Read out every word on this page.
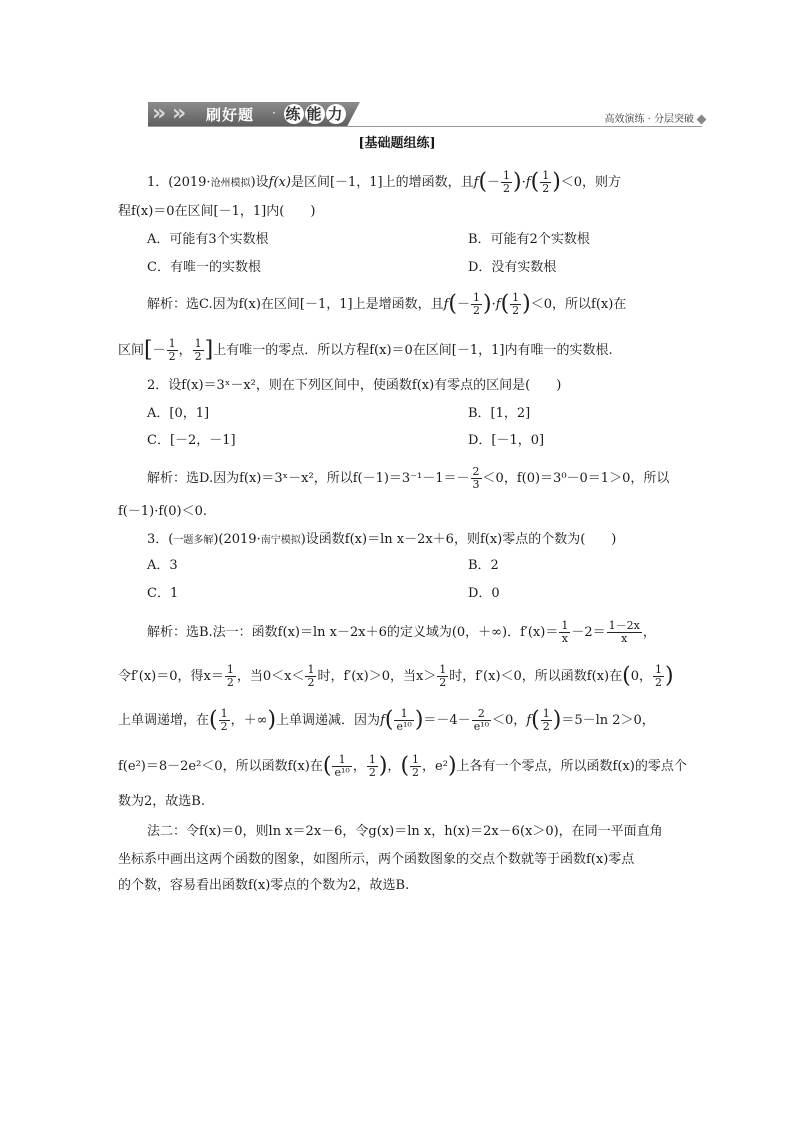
» » 刷好题 · 练 能 力	高效演练 · 分层突破
[基础题组练]
1．(2019·沧州模拟)设f(x)是区间[－1，1]上的增函数，且$f(- \frac{1}{2} )\cdot f( \frac{1}{2} )<0$，则方
程f(x)＝0在区间[－1，1]内(　　)
A．可能有3个实数根	B．可能有2个实数根
C．有唯一的实数根	D．没有实数根
解析：选C.因为f(x)在区间[－1，1]上是增函数，且$f(- \frac{1}{2} )\cdot f( \frac{1}{2} )<0$，所以f(x)在
区间[－ $\frac{1}{2}$ ， $\frac{1}{2}$ ]上有唯一的零点．所以方程f(x)＝0在区间[－1，1]内有唯一的实数根.
2．设f(x)＝3ˣ－x²，则在下列区间中，使函数f(x)有零点的区间是(　　)
A．[0，1]	B．[1，2]
C．[－2，－1]	D．[－1，0]
解析：选D.因为f(x)＝3ˣ－x²，所以$f(-1)=3^{-1}-1=- \frac{2}{3} <0$，f(0)＝3⁰－0＝1＞0，所以
f(－1)·f(0)＜0.
3．(一题多解)(2019·南宁模拟)设函数f(x)＝ln x－2x＋6，则f(x)零点的个数为(　　)
A．3	B．2
C．1	D．0
解析：选B.法一：函数f(x)＝ln x－2x＋6的定义域为(0，＋∞)．$f'(x)= \frac{1}{x} -2= \frac{1-2x}{x}$ ，
令f′(x)＝0，得$x= \frac{1}{2}$ ，当$0<x< \frac{1}{2}$ 时，f′(x)＞0，当$x> \frac{1}{2}$ 时，f′(x)＜0，所以函数f(x)在(0， $\frac{1}{2}$ )
上单调递增，在( $\frac{1}{2}$ ，＋∞)上单调递减．因为$f( \frac{1}{\text{e¹⁰}} )=-4- \frac{2}{\text{e¹⁰}} <0$，$f( \frac{1}{2} )=5-\ln$ 2＞0，
f(e²)＝8－2e²＜0，所以函数f(x)在( $\frac{1}{\text{e¹⁰}}$ ， $\frac{1}{2}$ )，( $\frac{1}{2}$ ，e²)上各有一个零点，所以函数f(x)的零点个
数为2，故选B.
法二：令f(x)＝0，则ln x＝2x－6，令g(x)＝ln x，h(x)＝2x－6(x＞0)，在同一平面直角
坐标系中画出这两个函数的图象，如图所示，两个函数图象的交点个数就等于函数f(x)零点
的个数，容易看出函数f(x)零点的个数为2，故选B.
